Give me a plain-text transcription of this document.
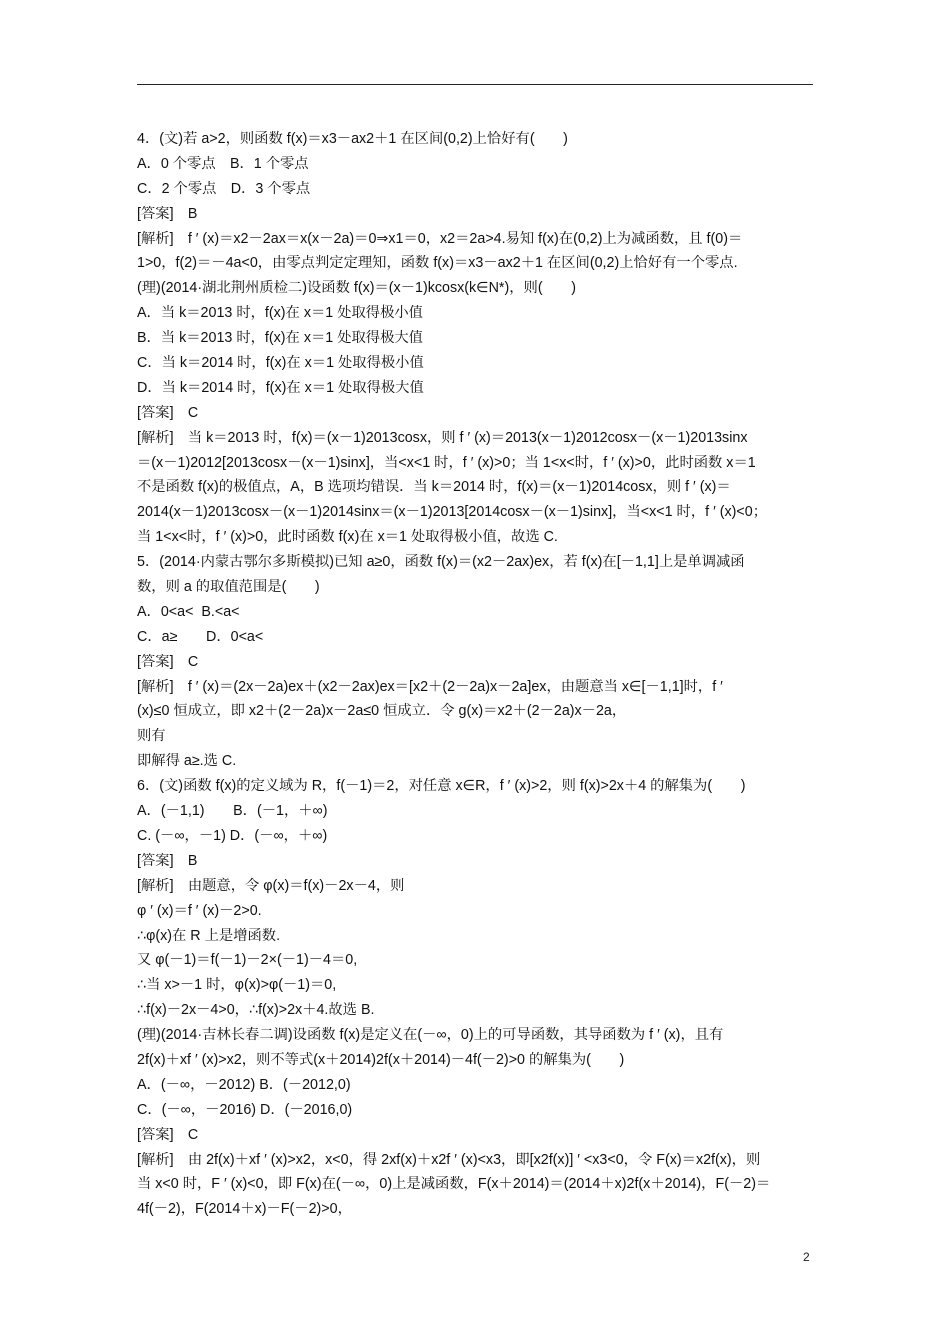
4．(文)若 a>2，则函数 f(x)＝x3－ax2＋1 在区间(0,2)上恰好有(　　)
A．0 个零点　B．1 个零点
C．2 个零点　D．3 个零点
[答案]　B
[解析]　f ′ (x)＝x2－2ax＝x(x－2a)＝0⇒x1＝0，x2＝2a>4.易知 f(x)在(0,2)上为减函数，且 f(0)＝
1>0，f(2)＝－4a<0，由零点判定定理知，函数 f(x)＝x3－ax2＋1 在区间(0,2)上恰好有一个零点.
(理)(2014·湖北荆州质检二)设函数 f(x)＝(x－1)kcosx(k∈N*)，则(　　)
A．当 k＝2013 时，f(x)在 x＝1 处取得极小值
B．当 k＝2013 时，f(x)在 x＝1 处取得极大值
C．当 k＝2014 时，f(x)在 x＝1 处取得极小值
D．当 k＝2014 时，f(x)在 x＝1 处取得极大值
[答案]　C
[解析]　当 k＝2013 时，f(x)＝(x－1)2013cosx，则 f ′ (x)＝2013(x－1)2012cosx－(x－1)2013sinx
＝(x－1)2012[2013cosx－(x－1)sinx]，当<x<1 时，f ′ (x)>0；当 1<x<时，f ′ (x)>0，此时函数 x＝1
不是函数 f(x)的极值点，A，B 选项均错误．当 k＝2014 时，f(x)＝(x－1)2014cosx，则 f ′ (x)＝
2014(x－1)2013cosx－(x－1)2014sinx＝(x－1)2013[2014cosx－(x－1)sinx]，当<x<1 时，f ′ (x)<0；
当 1<x<时，f ′ (x)>0，此时函数 f(x)在 x＝1 处取得极小值，故选 C.
5．(2014·内蒙古鄂尔多斯模拟)已知 a≥0，函数 f(x)＝(x2－2ax)ex，若 f(x)在[－1,1]上是单调减函
数，则 a 的取值范围是(　　)
A．0<a<  B.<a<
C．a≥　　D．0<a<
[答案]　C
[解析]　f ′ (x)＝(2x－2a)ex＋(x2－2ax)ex＝[x2＋(2－2a)x－2a]ex，由题意当 x∈[－1,1]时，f ′
(x)≤0 恒成立，即 x2＋(2－2a)x－2a≤0 恒成立．令 g(x)＝x2＋(2－2a)x－2a，
则有
即解得 a≥.选 C.
6．(文)函数 f(x)的定义域为 R，f(－1)＝2，对任意 x∈R，f ′ (x)>2，则 f(x)>2x＋4 的解集为(　　)
A．(－1,1)　　B．(－1，＋∞)
C. (－∞，－1) D．(－∞，＋∞)
[答案]　B
[解析]　由题意，令 φ(x)＝f(x)－2x－4，则
φ ′ (x)＝f ′ (x)－2>0.
∴φ(x)在 R 上是增函数.
又 φ(－1)＝f(－1)－2×(－1)－4＝0,
∴当 x>－1 时，φ(x)>φ(－1)＝0,
∴f(x)－2x－4>0，∴f(x)>2x＋4.故选 B.
(理)(2014·吉林长春二调)设函数 f(x)是定义在(－∞，0)上的可导函数，其导函数为 f ′ (x)，且有
2f(x)＋xf ′ (x)>x2，则不等式(x＋2014)2f(x＋2014)－4f(－2)>0 的解集为(　　)
A．(－∞，－2012) B．(－2012,0)
C．(－∞，－2016) D．(－2016,0)
[答案]　C
[解析]　由 2f(x)＋xf ′ (x)>x2，x<0，得 2xf(x)＋x2f ′ (x)<x3，即[x2f(x)] ′ <x3<0，令 F(x)＝x2f(x)，则
当 x<0 时，F ′ (x)<0，即 F(x)在(－∞，0)上是减函数，F(x＋2014)＝(2014＋x)2f(x＋2014)，F(－2)＝
4f(－2)，F(2014＋x)－F(－2)>0，
2
